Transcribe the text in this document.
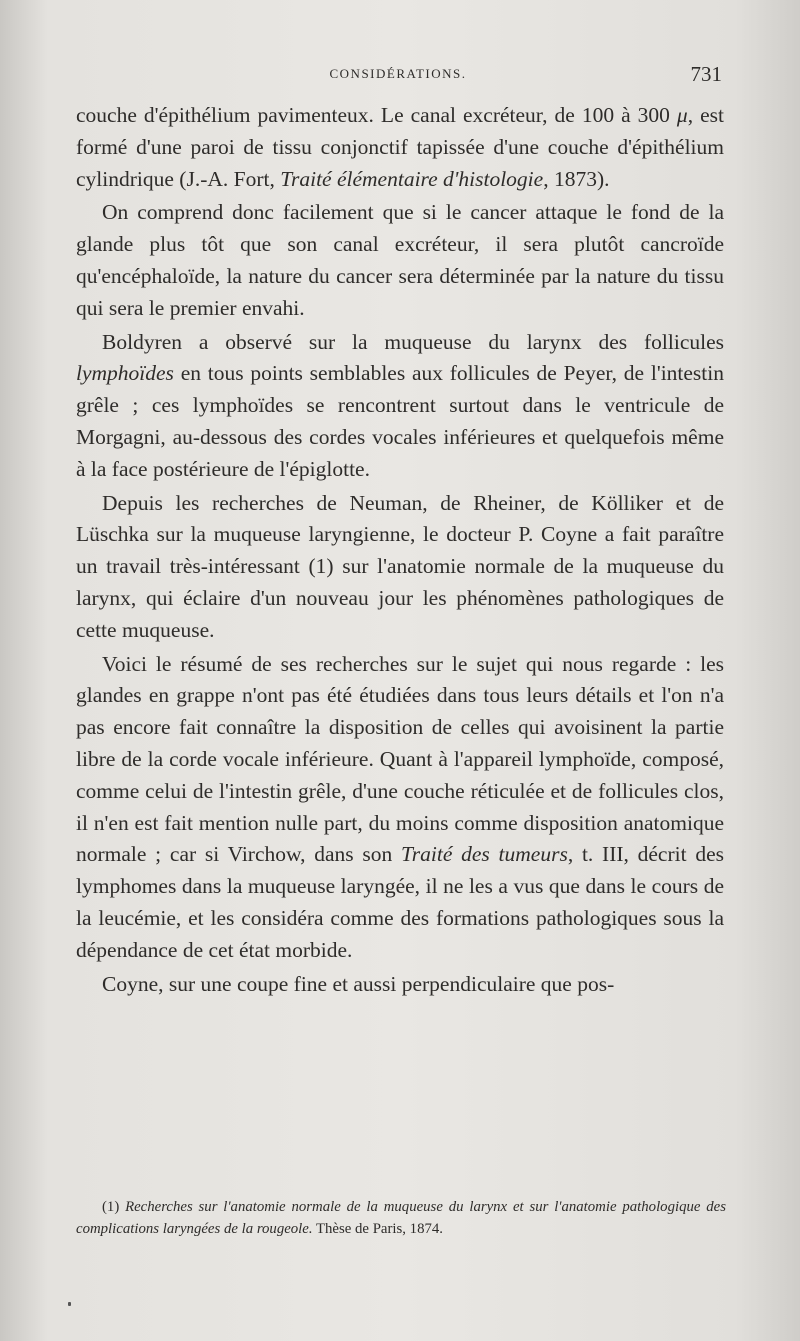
CONSIDÉRATIONS.	731

couche d'épithélium pavimenteux. Le canal excréteur, de 100 à 300 μ, est formé d'une paroi de tissu conjonctif tapissée d'une couche d'épithélium cylindrique (J.-A. Fort, Traité élémentaire d'histologie, 1873).

On comprend donc facilement que si le cancer attaque le fond de la glande plus tôt que son canal excréteur, il sera plutôt cancroïde qu'encéphaloïde, la nature du cancer sera déterminée par la nature du tissu qui sera le premier envahi.

Boldyren a observé sur la muqueuse du larynx des follicules lymphoïdes en tous points semblables aux follicules de Peyer, de l'intestin grêle ; ces lymphoïdes se rencontrent surtout dans le ventricule de Morgagni, au-dessous des cordes vocales inférieures et quelquefois même à la face postérieure de l'épiglotte.

Depuis les recherches de Neuman, de Rheiner, de Kölliker et de Lüschka sur la muqueuse laryngienne, le docteur P. Coyne a fait paraître un travail très-intéressant (1) sur l'anatomie normale de la muqueuse du larynx, qui éclaire d'un nouveau jour les phénomènes pathologiques de cette muqueuse.

Voici le résumé de ses recherches sur le sujet qui nous regarde : les glandes en grappe n'ont pas été étudiées dans tous leurs détails et l'on n'a pas encore fait connaître la disposition de celles qui avoisinent la partie libre de la corde vocale inférieure. Quant à l'appareil lymphoïde, composé, comme celui de l'intestin grêle, d'une couche réticulée et de follicules clos, il n'en est fait mention nulle part, du moins comme disposition anatomique normale ; car si Virchow, dans son Traité des tumeurs, t. III, décrit des lymphomes dans la muqueuse laryngée, il ne les a vus que dans le cours de la leucémie, et les considéra comme des formations pathologiques sous la dépendance de cet état morbide.

Coyne, sur une coupe fine et aussi perpendiculaire que pos-

(1) Recherches sur l'anatomie normale de la muqueuse du larynx et sur l'anatomie pathologique des complications laryngées de la rougeole. Thèse de Paris, 1874.
